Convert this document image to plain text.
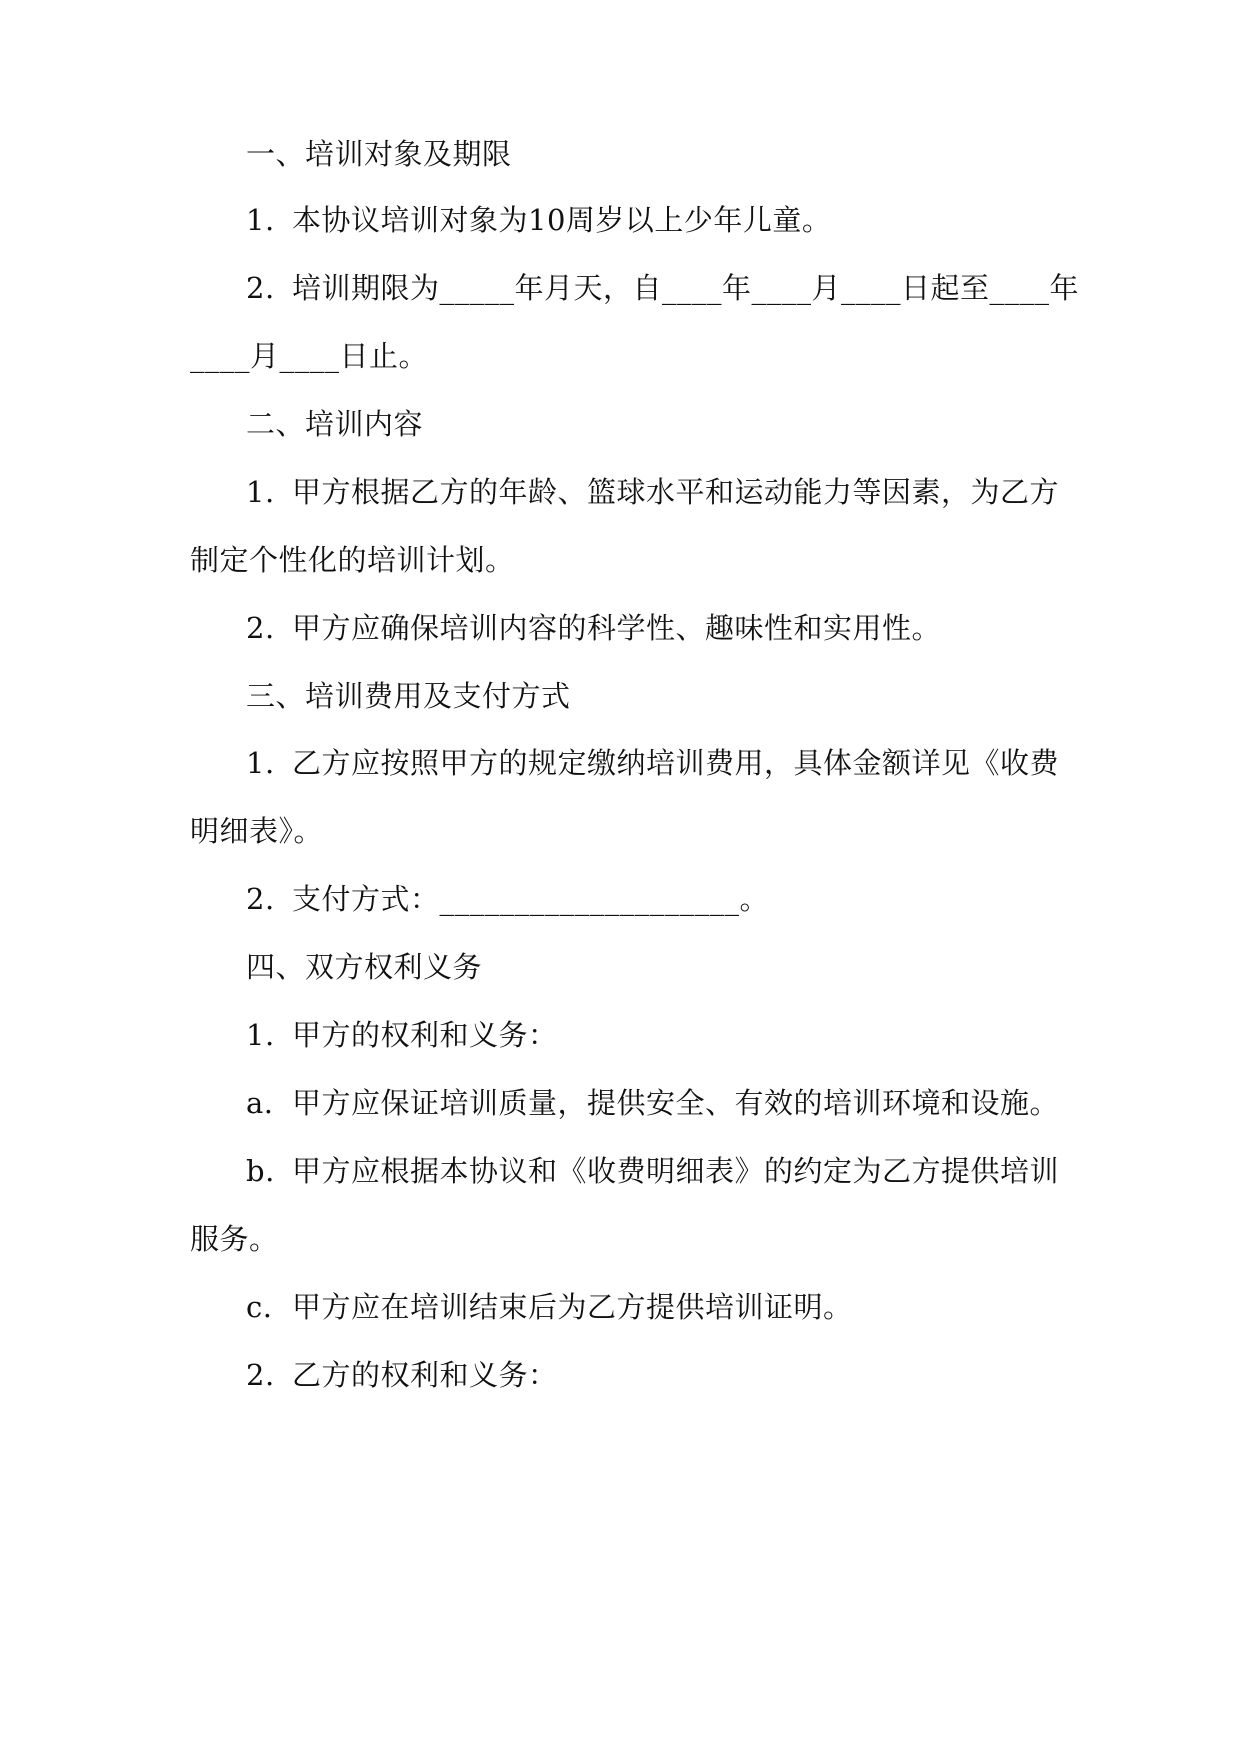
一、培训对象及期限
1. 本协议培训对象为10周岁以上少年儿童。
2. 培训期限为_____年月天，自____年____月____日起至____年
____月____日止。
二、培训内容
1. 甲方根据乙方的年龄、篮球水平和运动能力等因素，为乙方
制定个性化的培训计划。
2. 甲方应确保培训内容的科学性、趣味性和实用性。
三、培训费用及支付方式
1. 乙方应按照甲方的规定缴纳培训费用，具体金额详见《收费
明细表》。
2. 支付方式：____________________。
四、双方权利义务
1. 甲方的权利和义务：
a. 甲方应保证培训质量，提供安全、有效的培训环境和设施。
b. 甲方应根据本协议和《收费明细表》的约定为乙方提供培训
服务。
c. 甲方应在培训结束后为乙方提供培训证明。
2. 乙方的权利和义务：
